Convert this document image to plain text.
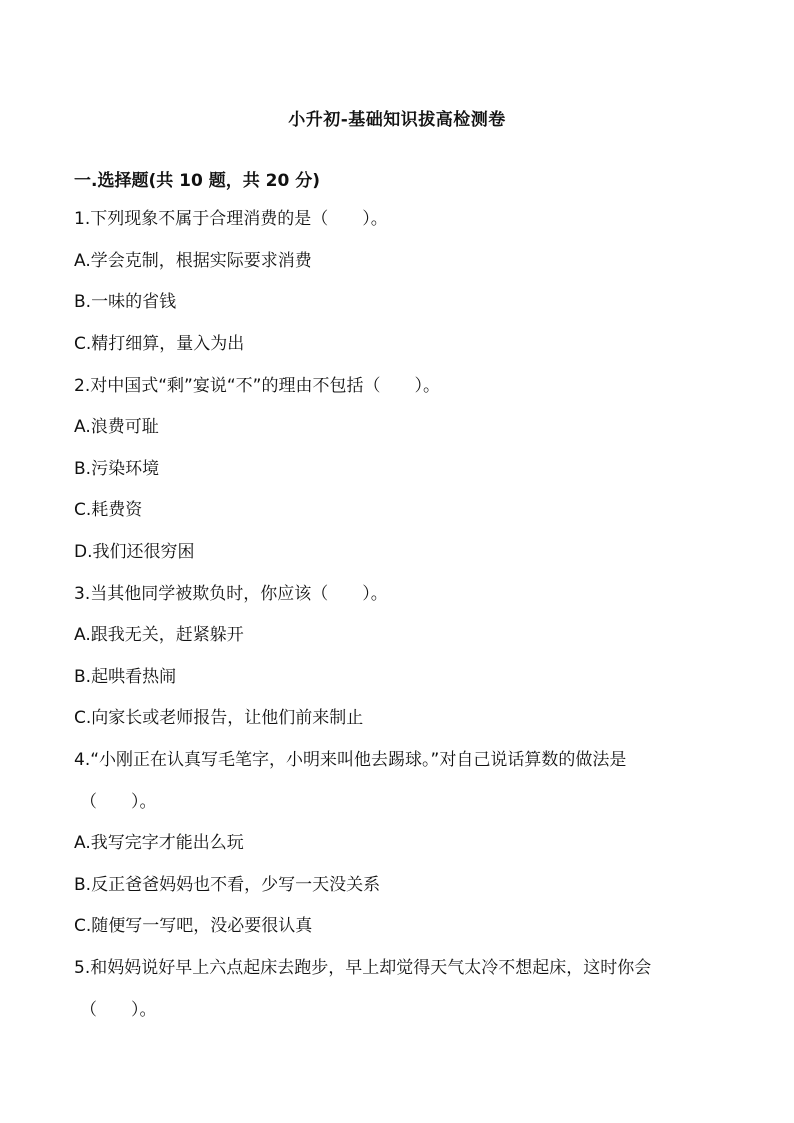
小升初-基础知识拔高检测卷
一.选择题(共 10 题，共 20 分)
1.下列现象不属于合理消费的是（　　）。
A.学会克制，根据实际要求消费
B.一味的省钱
C.精打细算，量入为出
2.对中国式“剩”宴说“不”的理由不包括（　　）。
A.浪费可耻
B.污染环境
C.耗费资
D.我们还很穷困
3.当其他同学被欺负时，你应该（　　）。
A.跟我无关，赶紧躲开
B.起哄看热闹
C.向家长或老师报告，让他们前来制止
4.“小刚正在认真写毛笔字，小明来叫他去踢球。”对自己说话算数的做法是
（　　）。
A.我写完字才能出么玩
B.反正爸爸妈妈也不看，少写一天没关系
C.随便写一写吧，没必要很认真
5.和妈妈说好早上六点起床去跑步，早上却觉得天气太冷不想起床，这时你会
（　　）。
